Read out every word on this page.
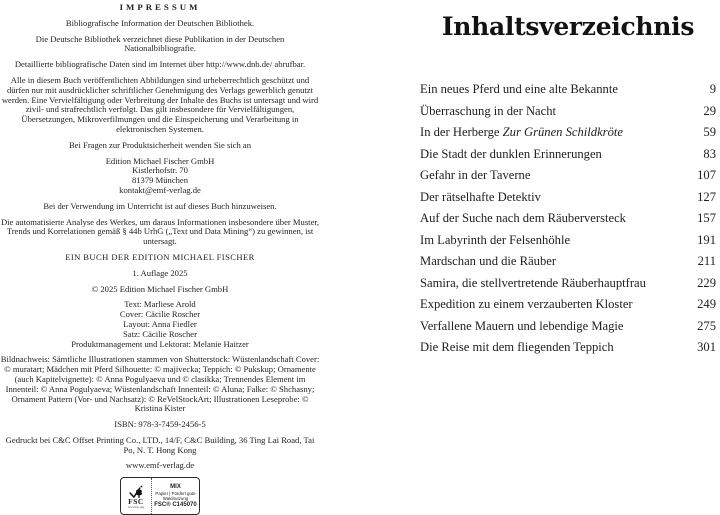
IMPRESSUM
Bibliografische Information der Deutschen Bibliothek.
Die Deutsche Bibliothek verzeichnet diese Publikation in der Deutschen Nationalbibliografie.
Detaillierte bibliografische Daten sind im Internet über http://www.dnb.de/ abrufbar.
Alle in diesem Buch veröffentlichten Abbildungen sind urheberrechtlich geschützt und dürfen nur mit ausdrücklicher schriftlicher Genehmigung des Verlags gewerblich genutzt werden. Eine Vervielfältigung oder Verbreitung der Inhalte des Buchs ist untersagt und wird zivil- und strafrechtlich verfolgt. Das gilt insbesondere für Vervielfältigungen, Übersetzungen, Mikroverfilmungen und die Einspeicherung und Verarbeitung in elektronischen Systemen.
Bei Fragen zur Produktsicherheit wenden Sie sich an
Edition Michael Fischer GmbH
Kistlerhofstr. 70
81379 München
kontakt@emf-verlag.de
Bei der Verwendung im Unterricht ist auf dieses Buch hinzuweisen.
Die automatisierte Analyse des Werkes, um daraus Informationen insbesondere über Muster, Trends und Korrelationen gemäß § 44b UrhG („Text und Data Mining“) zu gewinnen, ist untersagt.
EIN BUCH DER EDITION MICHAEL FISCHER
1. Auflage 2025
© 2025 Edition Michael Fischer GmbH
Text: Marliese Arold
Cover: Cäcilie Roscher
Layout: Anna Fiedler
Satz: Cäcilie Roscher
Produktmanagement und Lektorat: Melanie Haitzer
Bildnachweis: Sämtliche Illustrationen stammen von Shutterstock: Wüstenlandschaft Cover: © muratart; Mädchen mit Pferd Silhouette: © majivecka; Teppich: © Pukskup; Ornamente (auch Kapitelvignette): © Anna Pogulyaeva und © clasikka; Trennendes Element im Innenteil: © Anna Pogulyaeva; Wüstenlandschaft Innenteil: © Aluna; Falke: © Shchasny; Ornament Pattern (Vor- und Nachsatz): © ReVelStockArt; Illustrationen Leseprobe: © Kristina Kister
ISBN: 978-3-7459-2456-5
Gedruckt bei C&C Offset Printing Co., LTD., 14/F, C&C Building, 36 Ting Lai Road, Tai Po, N. T. Hong Kong
www.emf-verlag.de
FSC
www.fsc.org
MIX
Papier | Fördert gute Waldnutzung
FSC® C145070
Inhaltsverzeichnis
Ein neues Pferd und eine alte Bekannte	9
Überraschung in der Nacht	29
In der Herberge Zur Grünen Schildkröte	59
Die Stadt der dunklen Erinnerungen	83
Gefahr in der Taverne	107
Der rätselhafte Detektiv	127
Auf der Suche nach dem Räuberversteck	157
Im Labyrinth der Felsenhöhle	191
Mardschan und die Räuber	211
Samira, die stellvertretende Räuberhauptfrau	229
Expedition zu einem verzauberten Kloster	249
Verfallene Mauern und lebendige Magie	275
Die Reise mit dem fliegenden Teppich	301
